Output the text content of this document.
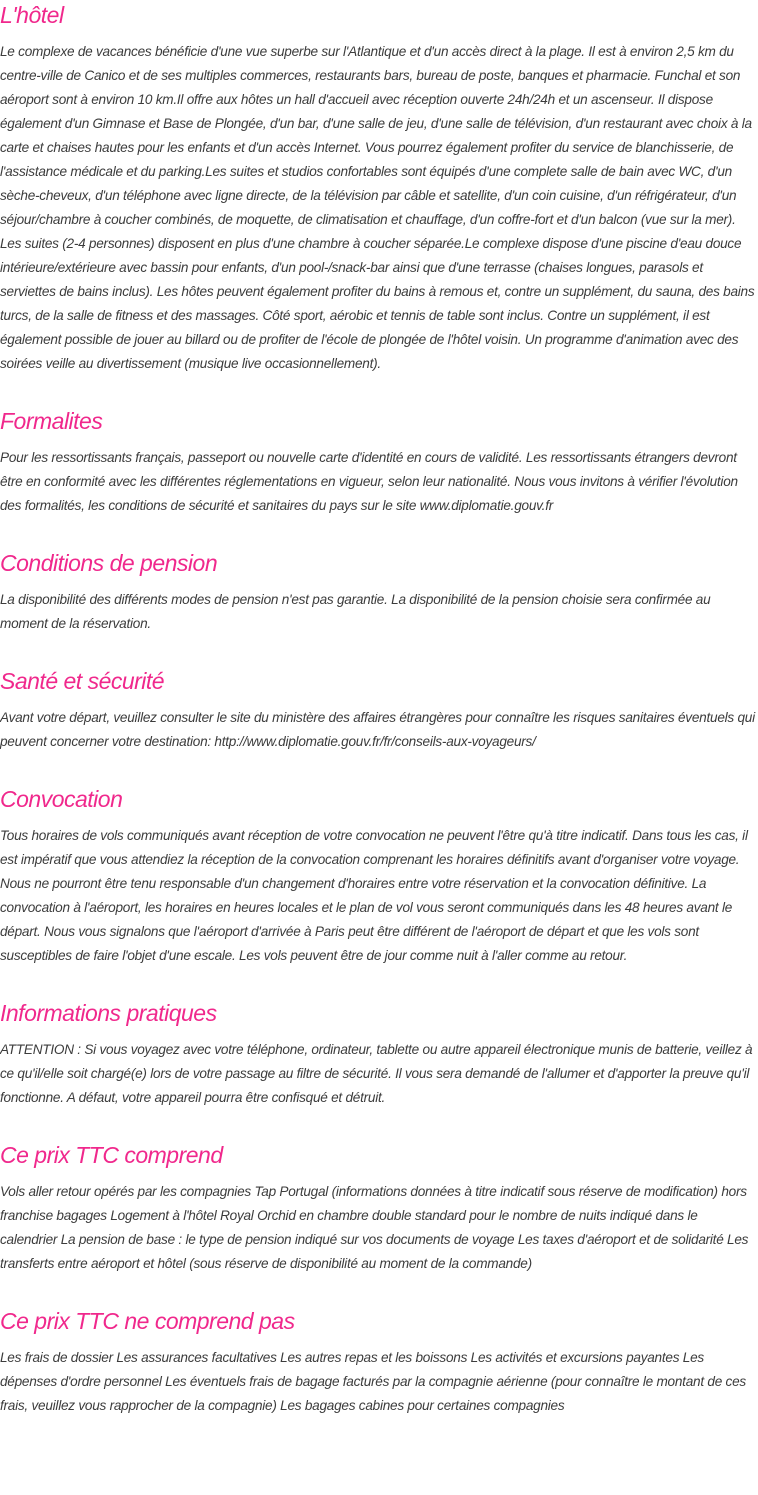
L'hôtel

Le complexe de vacances bénéficie d'une vue superbe sur l'Atlantique et d'un accès direct à la plage. Il est à environ 2,5 km du centre-ville de Canico et de ses multiples commerces, restaurants bars, bureau de poste, banques et pharmacie. Funchal et son aéroport sont à environ 10 km.Il offre aux hôtes un hall d'accueil avec réception ouverte 24h/24h et un ascenseur. Il dispose également d'un Gimnase et Base de Plongée, d'un bar, d'une salle de jeu, d'une salle de télévision, d'un restaurant avec choix à la carte et chaises hautes pour les enfants et d'un accès Internet. Vous pourrez également profiter du service de blanchisserie, de l'assistance médicale et du parking.Les suites et studios confortables sont équipés d'une complete salle de bain avec WC, d'un sèche-cheveux, d'un téléphone avec ligne directe, de la télévision par câble et satellite, d'un coin cuisine, d'un réfrigérateur, d'un séjour/chambre à coucher combinés, de moquette, de climatisation et chauffage, d'un coffre-fort et d'un balcon (vue sur la mer). Les suites (2-4 personnes) disposent en plus d'une chambre à coucher séparée.Le complexe dispose d'une piscine d'eau douce intérieure/extérieure avec bassin pour enfants, d'un pool-/snack-bar ainsi que d'une terrasse (chaises longues, parasols et serviettes de bains inclus). Les hôtes peuvent également profiter du bains à remous et, contre un supplément, du sauna, des bains turcs, de la salle de fitness et des massages. Côté sport, aérobic et tennis de table sont inclus. Contre un supplément, il est également possible de jouer au billard ou de profiter de l'école de plongée de l'hôtel voisin. Un programme d'animation avec des soirées veille au divertissement (musique live occasionnellement).

Formalites

Pour les ressortissants français, passeport ou nouvelle carte d'identité en cours de validité. Les ressortissants étrangers devront être en conformité avec les différentes réglementations en vigueur, selon leur nationalité. Nous vous invitons à vérifier l'évolution des formalités, les conditions de sécurité et sanitaires du pays sur le site www.diplomatie.gouv.fr

Conditions de pension

La disponibilité des différents modes de pension n'est pas garantie. La disponibilité de la pension choisie sera confirmée au moment de la réservation.

Santé et sécurité

Avant votre départ, veuillez consulter le site du ministère des affaires étrangères pour connaître les risques sanitaires éventuels qui peuvent concerner votre destination: http://www.diplomatie.gouv.fr/fr/conseils-aux-voyageurs/

Convocation

Tous horaires de vols communiqués avant réception de votre convocation ne peuvent l'être qu'à titre indicatif. Dans tous les cas, il est impératif que vous attendiez la réception de la convocation comprenant les horaires définitifs avant d'organiser votre voyage. Nous ne pourront être tenu responsable d'un changement d'horaires entre votre réservation et la convocation définitive. La convocation à l'aéroport, les horaires en heures locales et le plan de vol vous seront communiqués dans les 48 heures avant le départ. Nous vous signalons que l'aéroport d'arrivée à Paris peut être différent de l'aéroport de départ et que les vols sont susceptibles de faire l'objet d'une escale. Les vols peuvent être de jour comme nuit à l'aller comme au retour.

Informations pratiques

ATTENTION : Si vous voyagez avec votre téléphone, ordinateur, tablette ou autre appareil électronique munis de batterie, veillez à ce qu'il/elle soit chargé(e) lors de votre passage au filtre de sécurité. Il vous sera demandé de l'allumer et d'apporter la preuve qu'il fonctionne. A défaut, votre appareil pourra être confisqué et détruit.

Ce prix TTC comprend

Vols aller retour opérés par les compagnies Tap Portugal (informations données à titre indicatif sous réserve de modification) hors franchise bagages Logement à l'hôtel Royal Orchid en chambre double standard pour le nombre de nuits indiqué dans le calendrier La pension de base : le type de pension indiqué sur vos documents de voyage Les taxes d'aéroport et de solidarité Les transferts entre aéroport et hôtel (sous réserve de disponibilité au moment de la commande)

Ce prix TTC ne comprend pas

Les frais de dossier Les assurances facultatives Les autres repas et les boissons Les activités et excursions payantes Les dépenses d'ordre personnel Les éventuels frais de bagage facturés par la compagnie aérienne (pour connaître le montant de ces frais, veuillez vous rapprocher de la compagnie) Les bagages cabines pour certaines compagnies
